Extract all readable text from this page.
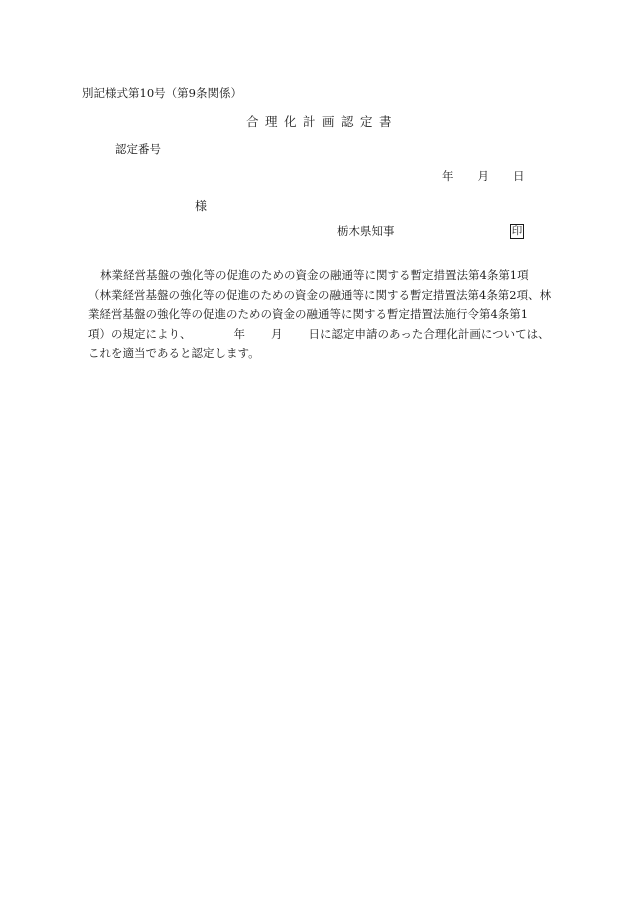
別記様式第10号（第9条関係）
合理化計画認定書
認定番号
年 月 日
様
栃木県知事	印

林業経営基盤の強化等の促進のための資金の融通等に関する暫定措置法第4条第1項

（林業経営基盤の強化等の促進のための資金の融通等に関する暫定措置法第4条第2項、林

業経営基盤の強化等の促進のための資金の融通等に関する暫定措置法施行令第4条第1

項）の規定により、	年 月 日に認定申請のあった合理化計画については、

これを適当であると認定します。
